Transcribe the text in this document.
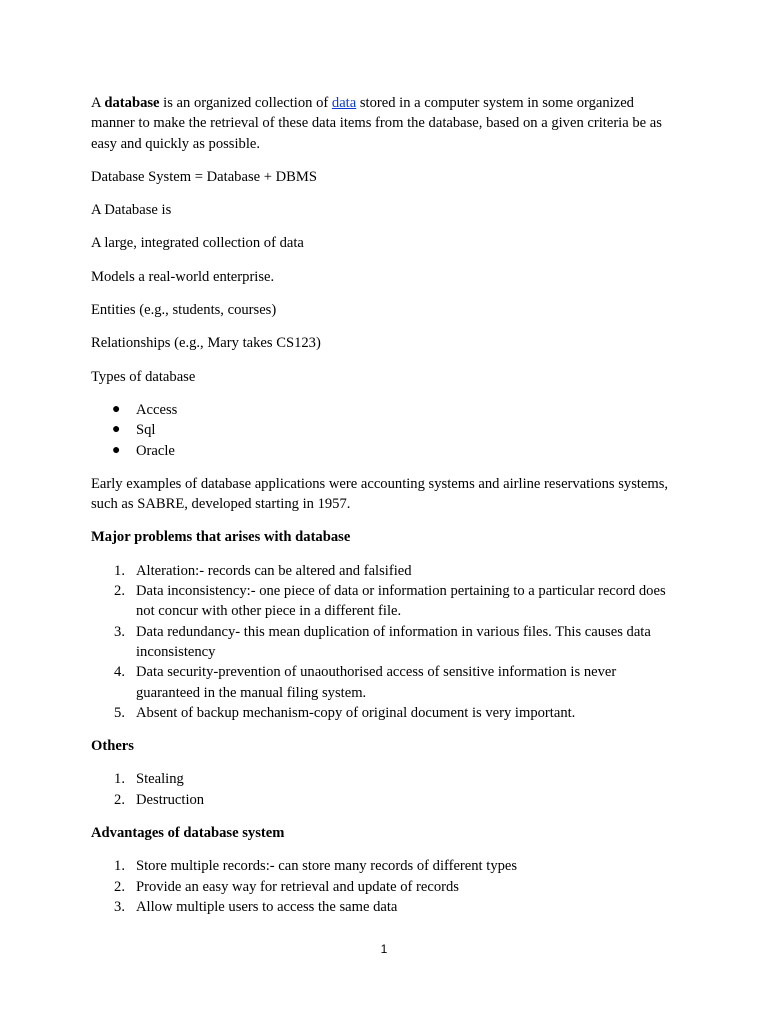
A database is an organized collection of data stored in a computer system in some organized manner to make the retrieval of these data items from the database, based on a given criteria be as easy and quickly as possible.

Database System = Database + DBMS

A Database is

A large, integrated collection of data

Models a real-world enterprise.

Entities (e.g., students, courses)

Relationships (e.g., Mary takes CS123)

Types of database

● Access
● Sql
● Oracle

Early examples of database applications were accounting systems and airline reservations systems, such as SABRE, developed starting in 1957.

Major problems that arises with database

1. Alteration:- records can be altered and falsified
2. Data inconsistency:- one piece of data or information pertaining to a particular record does not concur with other piece in a different file.
3. Data redundancy- this mean duplication of information in various files. This causes data inconsistency
4. Data security-prevention of unaouthorised access of sensitive information is never guaranteed in the manual filing system.
5. Absent of backup mechanism-copy of original document is very important.

Others

1. Stealing
2. Destruction

Advantages of database system

1. Store multiple records:- can store many records of different types
2. Provide an easy way for retrieval and update of records
3. Allow multiple users to access the same data
1
